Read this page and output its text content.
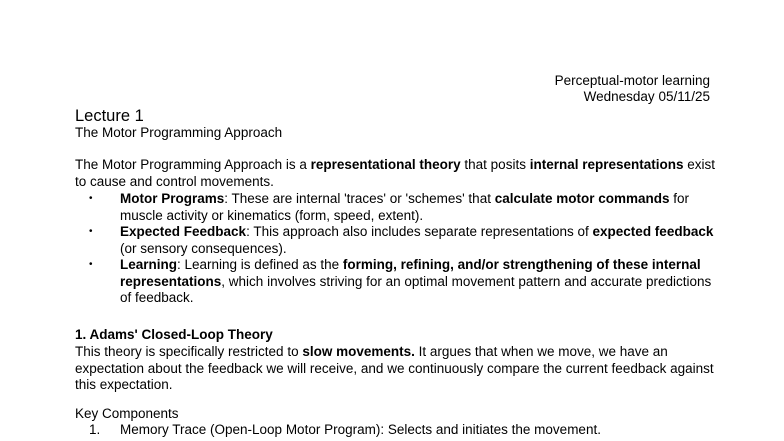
Perceptual-motor learning
Wednesday 05/11/25
Lecture 1
The Motor Programming Approach
The Motor Programming Approach is a representational theory that posits internal representations exist to cause and control movements.
• Motor Programs: These are internal 'traces' or 'schemes' that calculate motor commands for muscle activity or kinematics (form, speed, extent).
• Expected Feedback: This approach also includes separate representations of expected feedback (or sensory consequences).
• Learning: Learning is defined as the forming, refining, and/or strengthening of these internal representations, which involves striving for an optimal movement pattern and accurate predictions of feedback.
1. Adams' Closed-Loop Theory
This theory is specifically restricted to slow movements. It argues that when we move, we have an expectation about the feedback we will receive, and we continuously compare the current feedback against this expectation.
Key Components
1. Memory Trace (Open-Loop Motor Program): Selects and initiates the movement.
